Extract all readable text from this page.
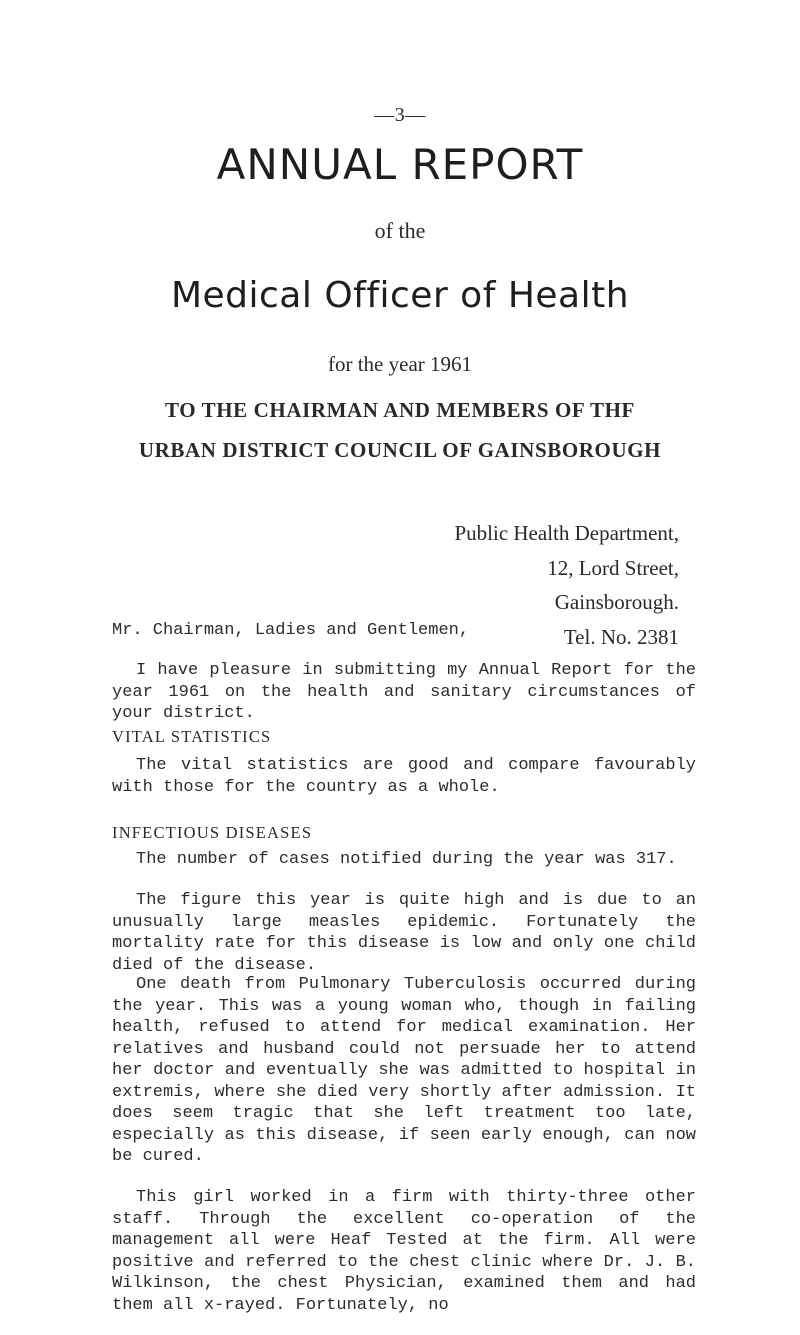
—3—
ANNUAL REPORT
of the
Medical Officer of Health
for the year 1961
TO THE CHAIRMAN AND MEMBERS OF THF
URBAN DISTRICT COUNCIL OF GAINSBOROUGH
Public Health Department,
12, Lord Street,
Gainsborough.
Tel. No. 2381
Mr. Chairman, Ladies and Gentlemen,
I have pleasure in submitting my Annual Report for the year 1961 on the health and sanitary circumstances of your district.
VITAL STATISTICS
The vital statistics are good and compare favourably with those for the country as a whole.
INFECTIOUS DISEASES
The number of cases notified during the year was 317.
The figure this year is quite high and is due to an unusually large measles epidemic. Fortunately the mortality rate for this disease is low and only one child died of the disease.
One death from Pulmonary Tuberculosis occurred during the year. This was a young woman who, though in failing health, refused to attend for medical examination. Her relatives and husband could not persuade her to attend her doctor and eventually she was admitted to hospital in extremis, where she died very shortly after admission. It does seem tragic that she left treatment too late, especially as this disease, if seen early enough, can now be cured.
This girl worked in a firm with thirty-three other staff. Through the excellent co-operation of the management all were Heaf Tested at the firm. All were positive and referred to the chest clinic where Dr. J. B. Wilkinson, the chest Physician, examined them and had them all x-rayed. Fortunately, no
